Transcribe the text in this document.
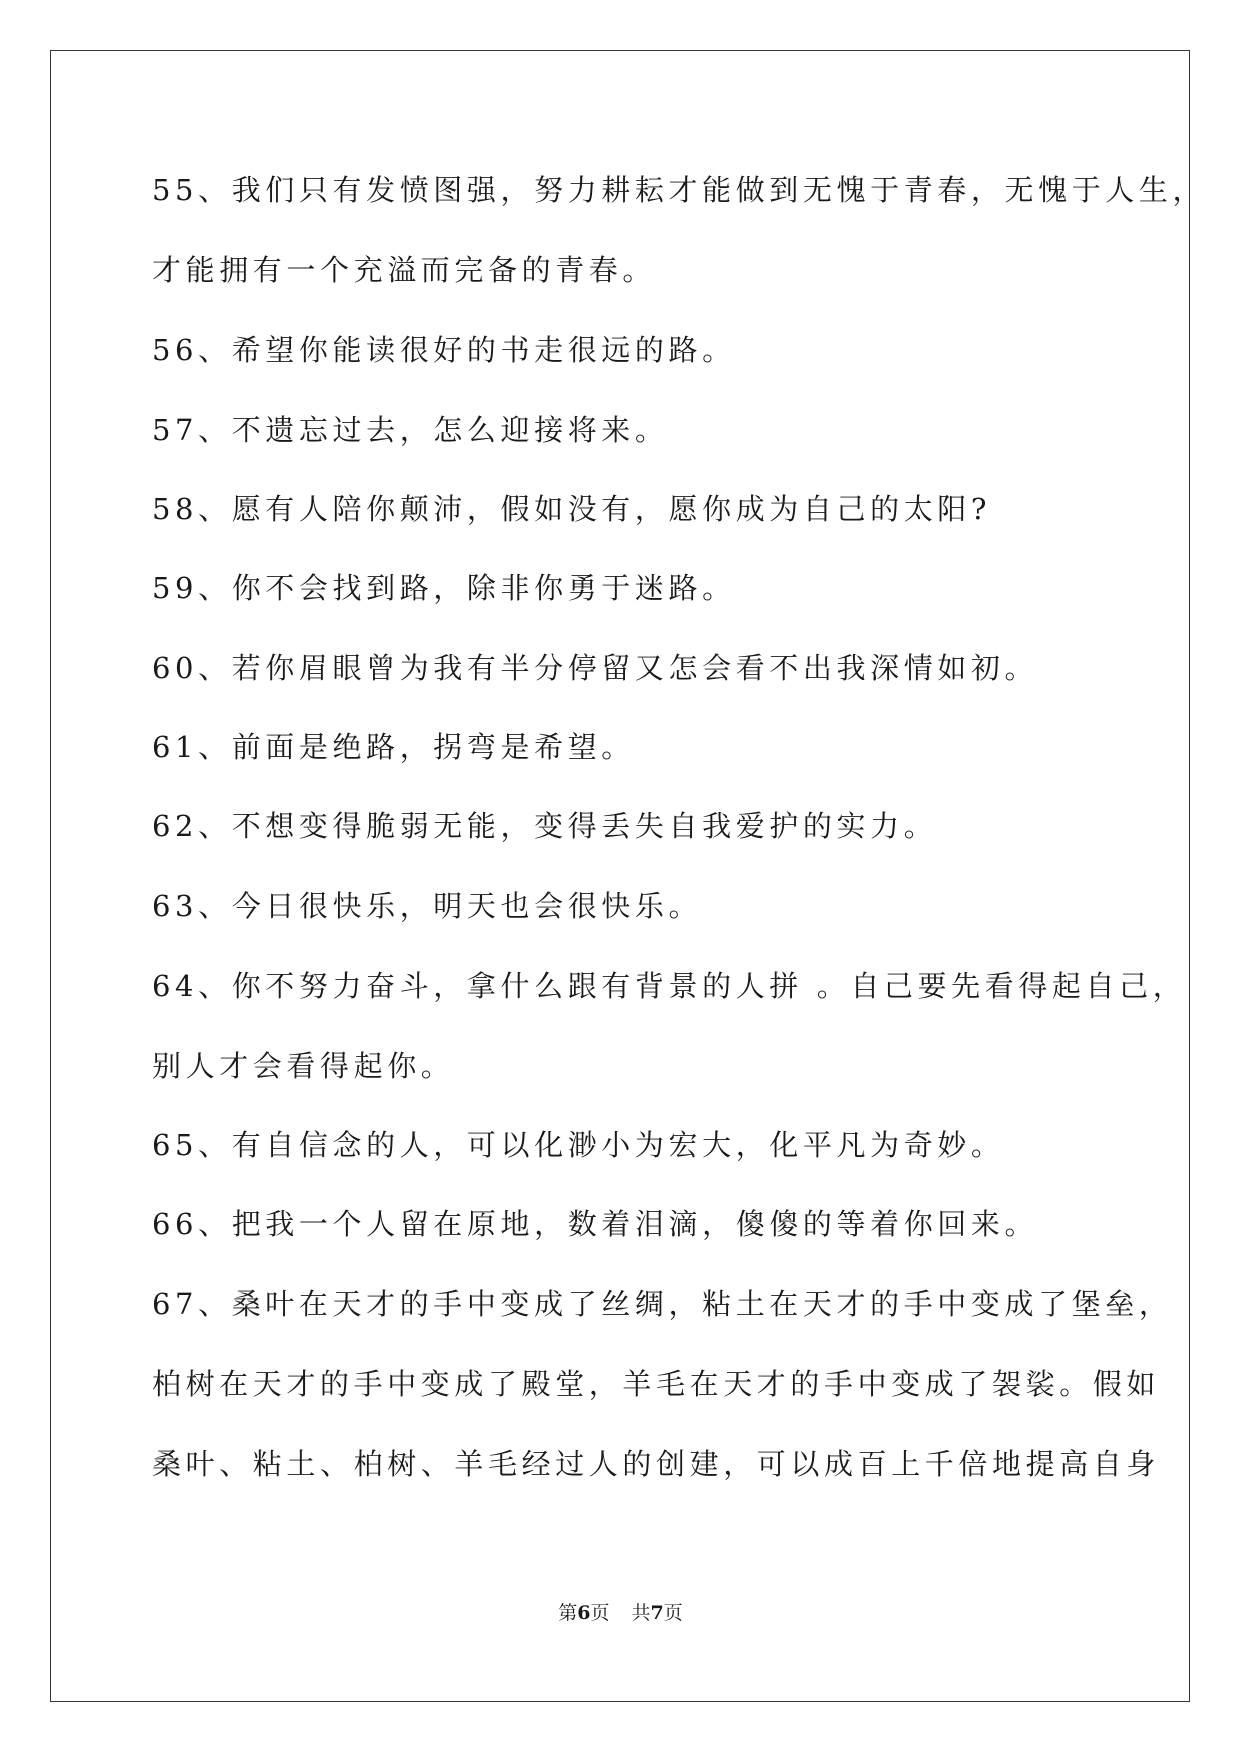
55、我们只有发愤图强，努力耕耘才能做到无愧于青春，无愧于人生，
才能拥有一个充溢而完备的青春。
56、希望你能读很好的书走很远的路。
57、不遗忘过去，怎么迎接将来。
58、愿有人陪你颠沛，假如没有，愿你成为自己的太阳?
59、你不会找到路，除非你勇于迷路。
60、若你眉眼曾为我有半分停留又怎会看不出我深情如初。
61、前面是绝路，拐弯是希望。
62、不想变得脆弱无能，变得丢失自我爱护的实力。
63、今日很快乐，明天也会很快乐。
64、你不努力奋斗，拿什么跟有背景的人拼 。自己要先看得起自己，
别人才会看得起你。
65、有自信念的人，可以化渺小为宏大，化平凡为奇妙。
66、把我一个人留在原地，数着泪滴，傻傻的等着你回来。
67、桑叶在天才的手中变成了丝绸，粘土在天才的手中变成了堡垒，
柏树在天才的手中变成了殿堂，羊毛在天才的手中变成了袈裟。假如
桑叶、粘土、柏树、羊毛经过人的创建，可以成百上千倍地提高自身
第6页 共7页
